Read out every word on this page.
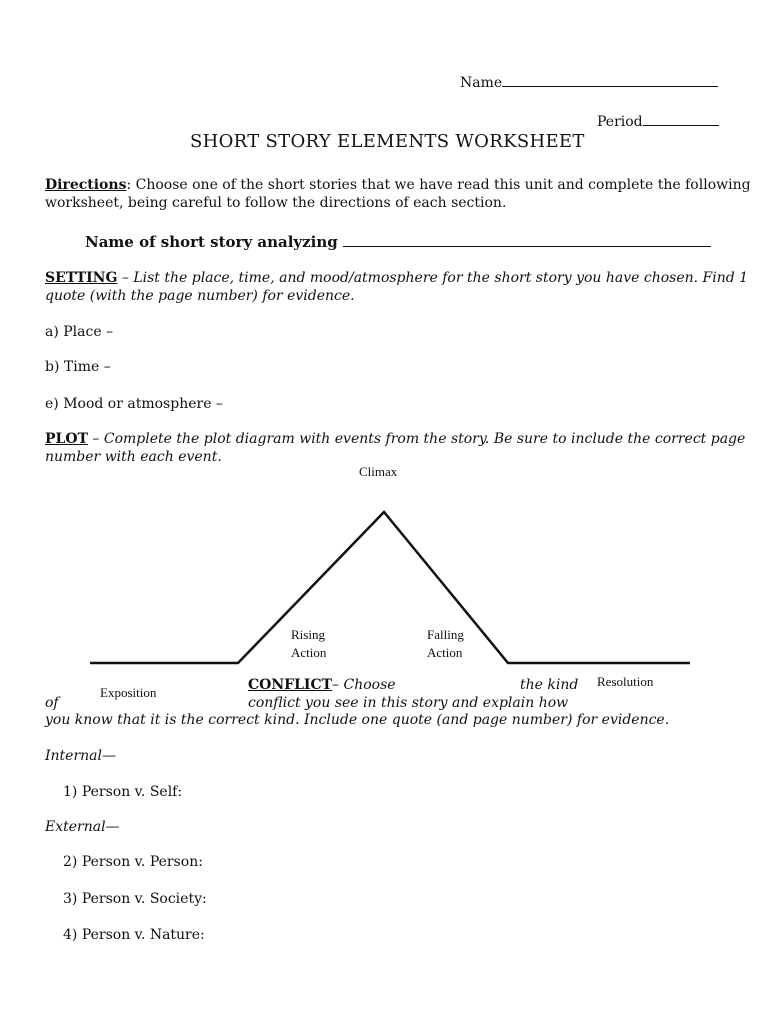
Name
Period
SHORT STORY ELEMENTS WORKSHEET
Directions: Choose one of the short stories that we have read this unit and complete the following
worksheet, being careful to follow the directions of each section.
Name of short story analyzing
SETTING – List the place, time, and mood/atmosphere for the short story you have chosen. Find 1
quote (with the page number) for evidence.
a) Place –
b) Time –
e) Mood or atmosphere –
PLOT – Complete the plot diagram with events from the story. Be sure to include the correct page
number with each event.
Climax
Rising
Action
Falling
Action
Exposition
Resolution
CONFLICT– Choose	the kind
of	conflict you see in this story and explain how
you know that it is the correct kind. Include one quote (and page number) for evidence.
Internal—
1) Person v. Self:
External—
2) Person v. Person:
3) Person v. Society:
4) Person v. Nature:
